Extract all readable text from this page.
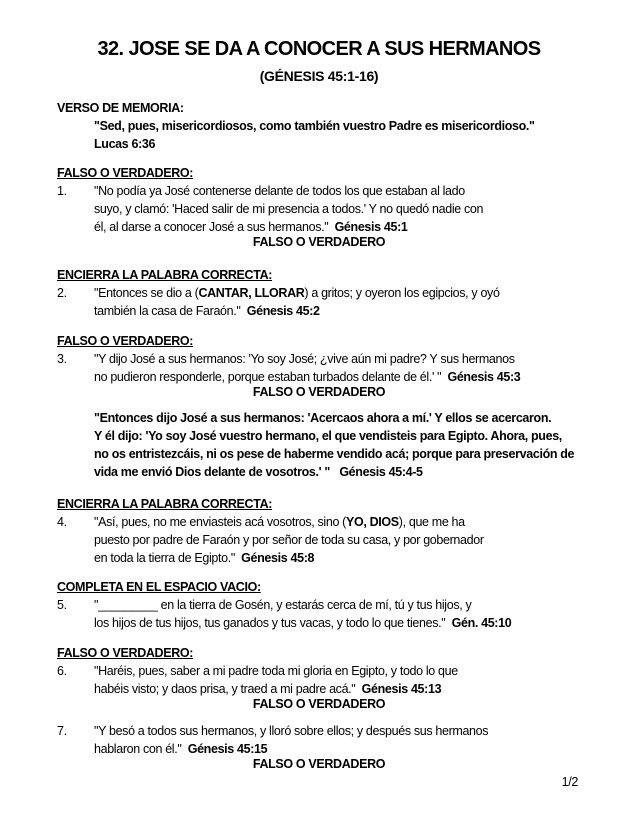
32. JOSE SE DA A CONOCER A SUS HERMANOS
(GÉNESIS 45:1-16)
VERSO DE MEMORIA:
"Sed, pues, misericordiosos, como también vuestro Padre es misericordioso."
Lucas 6:36
FALSO O VERDADERO:
1. "No podía ya José contenerse delante de todos los que estaban al lado
suyo, y clamó: 'Haced salir de mi presencia a todos.' Y no quedó nadie con
él, al darse a conocer José a sus hermanos." Génesis 45:1
FALSO O VERDADERO
ENCIERRA LA PALABRA CORRECTA:
2. "Entonces se dio a (CANTAR, LLORAR) a gritos; y oyeron los egipcios, y oyó
también la casa de Faraón." Génesis 45:2
FALSO O VERDADERO:
3. "Y dijo José a sus hermanos: 'Yo soy José; ¿vive aún mi padre? Y sus hermanos
no pudieron responderle, porque estaban turbados delante de él.' " Génesis 45:3
FALSO O VERDADERO
"Entonces dijo José a sus hermanos: 'Acercaos ahora a mí.' Y ellos se acercaron.
Y él dijo: 'Yo soy José vuestro hermano, el que vendisteis para Egipto. Ahora, pues,
no os entristezcáis, ni os pese de haberme vendido acá; porque para preservación de
vida me envió Dios delante de vosotros.' " Génesis 45:4-5
ENCIERRA LA PALABRA CORRECTA:
4. "Así, pues, no me enviasteis acá vosotros, sino (YO, DIOS), que me ha
puesto por padre de Faraón y por señor de toda su casa, y por gobernador
en toda la tierra de Egipto." Génesis 45:8
COMPLETA EN EL ESPACIO VACIO:
5. "_________ en la tierra de Gosén, y estarás cerca de mí, tú y tus hijos, y
los hijos de tus hijos, tus ganados y tus vacas, y todo lo que tienes." Gén. 45:10
FALSO O VERDADERO:
6. "Haréis, pues, saber a mi padre toda mi gloria en Egipto, y todo lo que
habéis visto; y daos prisa, y traed a mi padre acá." Génesis 45:13
FALSO O VERDADERO
7. "Y besó a todos sus hermanos, y lloró sobre ellos; y después sus hermanos
hablaron con él." Génesis 45:15
FALSO O VERDADERO
1/2
